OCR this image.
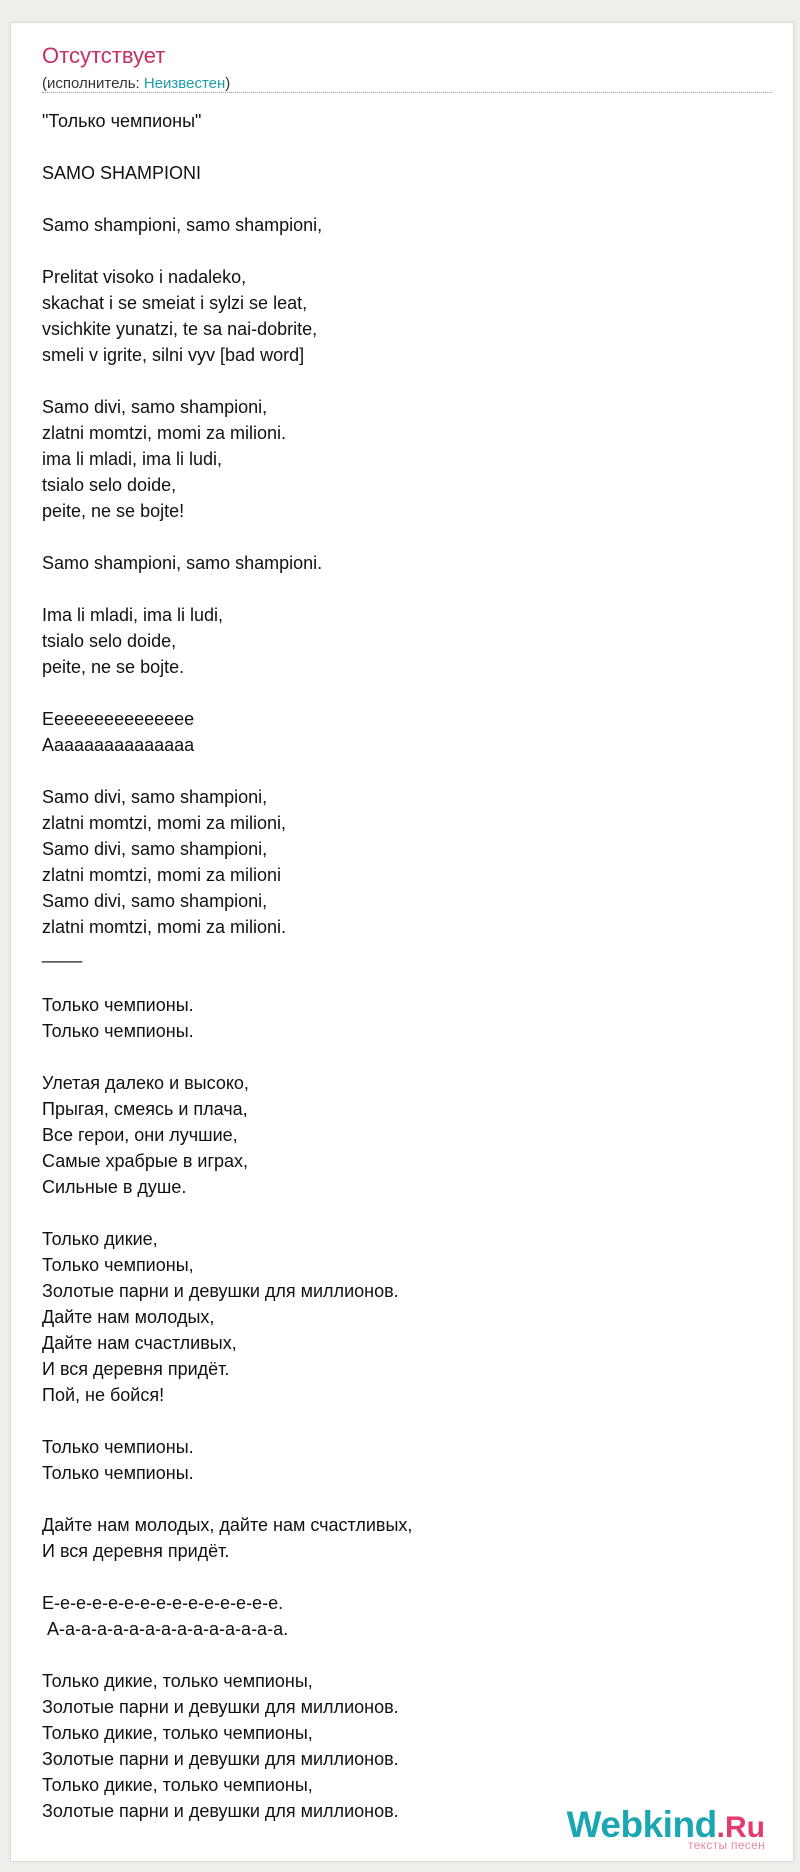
Отсутствует
(исполнитель: Неизвестен)
"Только чемпионы"

SAMO SHAMPIONI

Samo shampioni, samo shampioni,

Prelitat visoko i nadaleko,
skachat i se smeiat i sylzi se leat,
vsichkite yunatzi, te sa nai-dobrite,
smeli v igrite, silni vyv [bad word]

Samo divi, samo shampioni,
zlatni momtzi, momi za milioni.
ima li mladi, ima li ludi,
tsialo selo doide,
peite, ne se bojte!

Samo shampioni, samo shampioni.

Ima li mladi, ima li ludi,
tsialo selo doide,
peite, ne se bojte.

Eeeeeeeeeeeeeee
Aaaaaaaaaaaaaaa

Samo divi, samo shampioni,
zlatni momtzi, momi za milioni,
Samo divi, samo shampioni,
zlatni momtzi, momi za milioni
Samo divi, samo shampioni,
zlatni momtzi, momi za milioni.
____

Только чемпионы.
Только чемпионы.

Улетая далеко и высоко,
Прыгая, смеясь и плача,
Все герои, они лучшие,
Самые храбрые в играх,
Сильные в душе.

Только дикие,
Только чемпионы,
Золотые парни и девушки для миллионов.
Дайте нам молодых,
Дайте нам счастливых,
И вся деревня придёт.
Пой, не бойся!

Только чемпионы.
Только чемпионы.

Дайте нам молодых, дайте нам счастливых,
И вся деревня придёт.

Е-е-е-е-е-е-е-е-е-е-е-е-е-е-е.
А-а-а-а-а-а-а-а-а-а-а-а-а-а-а.

Только дикие, только чемпионы,
Золотые парни и девушки для миллионов.
Только дикие, только чемпионы,
Золотые парни и девушки для миллионов.
Только дикие, только чемпионы,
Золотые парни и девушки для миллионов.	Webkind.Ru
тексты песен
